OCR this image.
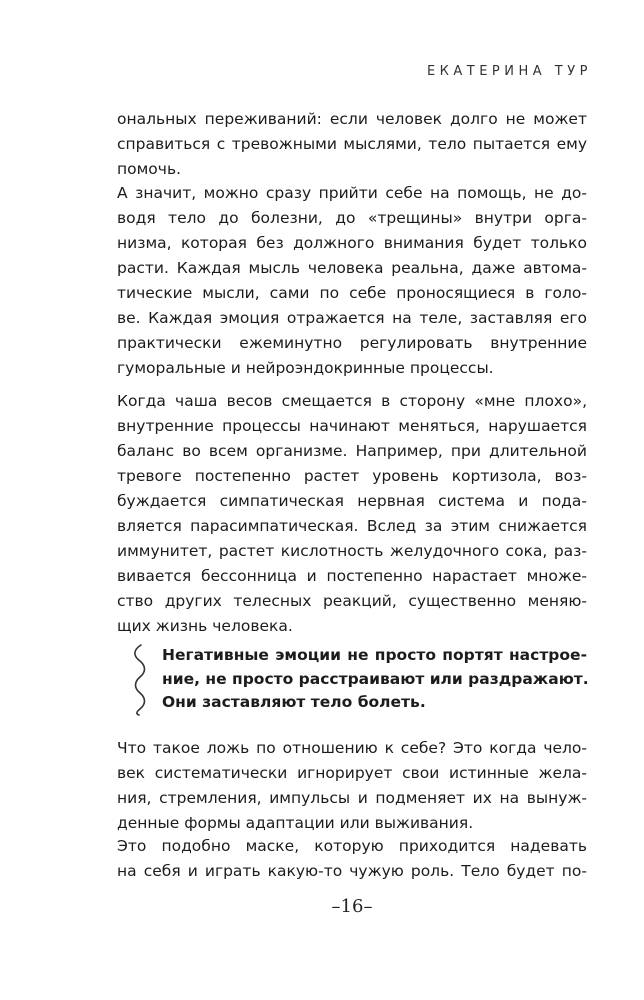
ЕКАТЕРИНА ТУР

ональных переживаний: если человек долго не может
справиться с тревожными мыслями, тело пытается ему
помочь.

А значит, можно сразу прийти себе на помощь, не до-
водя тело до болезни, до «трещины» внутри орга-
низма, которая без должного внимания будет только
расти. Каждая мысль человека реальна, даже автома-
тические мысли, сами по себе проносящиеся в голо-
ве. Каждая эмоция отражается на теле, заставляя его
практически ежеминутно регулировать внутренние
гуморальные и нейроэндокринные процессы.

Когда чаша весов смещается в сторону «мне плохо»,
внутренние процессы начинают меняться, нарушается
баланс во всем организме. Например, при длительной
тревоге постепенно растет уровень кортизола, воз-
буждается симпатическая нервная система и пода-
вляется парасимпатическая. Вслед за этим снижается
иммунитет, растет кислотность желудочного сока, раз-
вивается бессонница и постепенно нарастает множе-
ство других телесных реакций, существенно меняю-
щих жизнь человека.

Негативные эмоции не просто портят настрое-
ние, не просто расстраивают или раздражают.
Они заставляют тело болеть.

Что такое ложь по отношению к себе? Это когда чело-
век систематически игнорирует свои истинные жела-
ния, стремления, импульсы и подменяет их на вынуж-
денные формы адаптации или выживания.

Это подобно маске, которую приходится надевать
на себя и играть какую-то чужую роль. Тело будет по-

–16–
